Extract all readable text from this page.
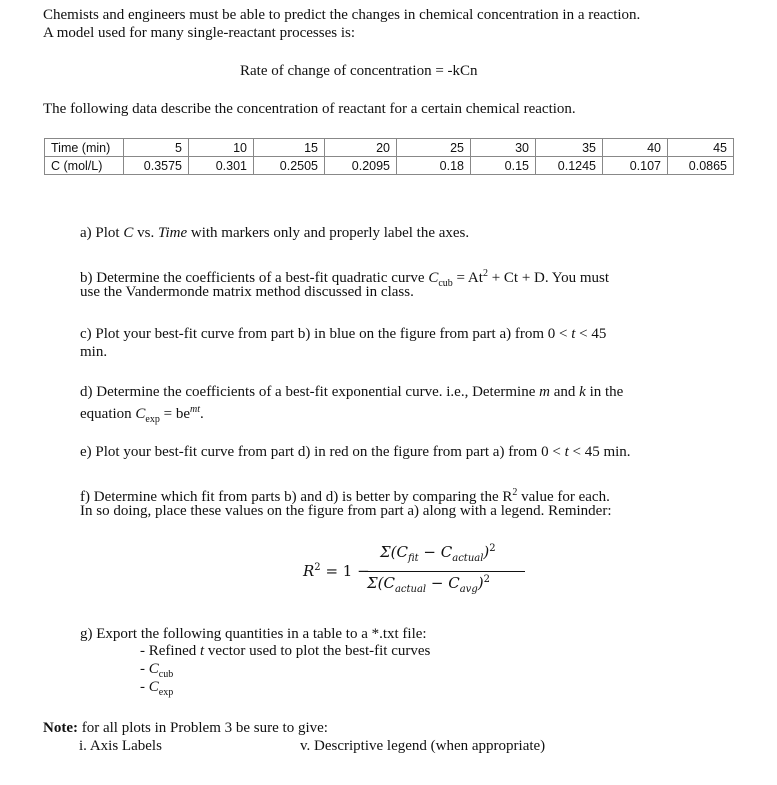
Chemists and engineers must be able to predict the changes in chemical concentration in a reaction.
A model used for many single-reactant processes is:
Rate of change of concentration = -kCn
The following data describe the concentration of reactant for a certain chemical reaction.
Time (min)	5	10	15	20	25	30	35	40	45
C (mol/L)	0.3575	0.301	0.2505	0.2095	0.18	0.15	0.1245	0.107	0.0865
a) Plot C vs. Time with markers only and properly label the axes.
b) Determine the coefficients of a best-fit quadratic curve $C_{cub} = At^2 + Ct + D$. You must
use the Vandermonde matrix method discussed in class.
c) Plot your best-fit curve from part b) in blue on the figure from part a) from 0 < t < 45
min.
d) Determine the coefficients of a best-fit exponential curve. i.e., Determine m and k in the
equation $C_{exp} = be^{mt}$.
e) Plot your best-fit curve from part d) in red on the figure from part a) from 0 < t < 45 min.
f) Determine which fit from parts b) and d) is better by comparing the $R^2$ value for each.
In so doing, place these values on the figure from part a) along with a legend. Reminder:
$R^2 = 1$ −
$\Sigma(C_{fit} - C_{actual})^2$
$\Sigma(C_{actual} - C_{avg})^2$
g) Export the following quantities in a table to a *.txt file:
- Refined t vector used to plot the best-fit curves
- $C_{cub}$
- $C_{exp}$
Note: for all plots in Problem 3 be sure to give:
i. Axis Labels	v. Descriptive legend (when appropriate)
